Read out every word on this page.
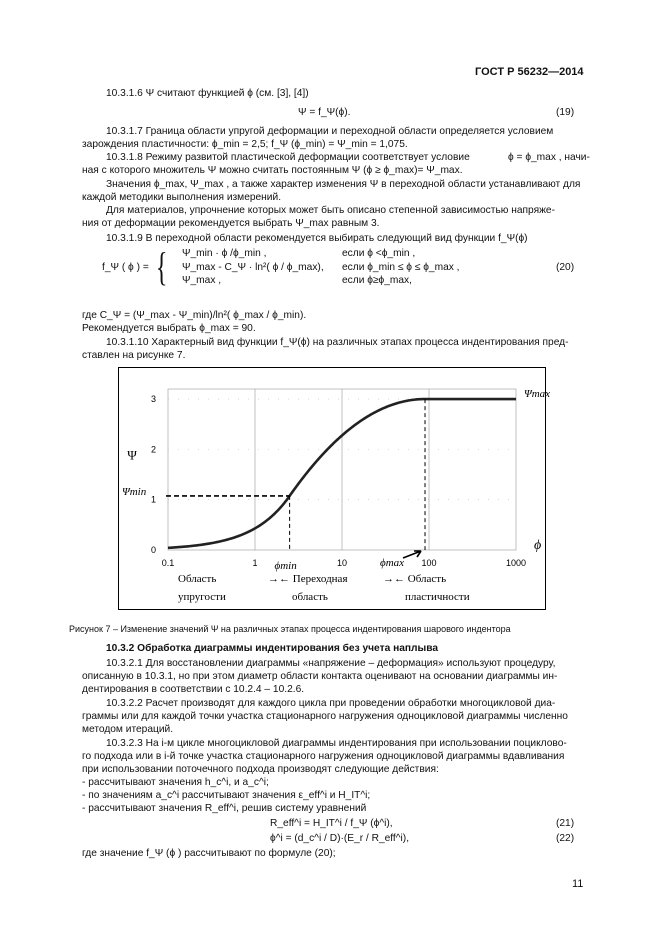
ГОСТ Р 56232—2014
10.3.1.6 Ψ считают функцией ϕ (см. [3], [4])
Ψ = f_Ψ(ϕ).	(19)
10.3.1.7 Граница области упругой деформации и переходной области определяется условием
зарождения пластичности: ϕ_min = 2,5; f_Ψ (ϕ_min) = Ψ_min = 1,075.
10.3.1.8 Режиму развитой пластической деформации соответствует условие	ϕ = ϕ_max , начи-
ная с которого множитель Ψ можно считать постоянным Ψ (ϕ ≥ ϕ_max)= Ψ_max.
Значения ϕ_max, Ψ_max , а также характер изменения Ψ в переходной области устанавливают для
каждой методики выполнения измерений.
Для материалов, упрочнение которых может быть описано степенной зависимостью напряже-
ния от деформации рекомендуется выбрать Ψ_max равным 3.
10.3.1.9 В переходной области рекомендуется выбирать следующий вид функции f_Ψ(ϕ)
f_Ψ ( ϕ ) = { Ψ_min · ϕ /ϕ_min ,	если ϕ <ϕ_min ,
Ψ_max - C_Ψ · ln²( ϕ / ϕ_max), если ϕ_min ≤ ϕ ≤ ϕ_max ,
Ψ_max ,	если ϕ≥ϕ_max,
(20)
где C_Ψ = (Ψ_max - Ψ_min)/ln²( ϕ_max / ϕ_min).
Рекомендуется выбрать ϕ_max = 90.
10.3.1.10 Характерный вид функции f_Ψ(ϕ) на различных этапах процесса индентирования пред-
ставлен на рисунке 7.
0
1
2
3
0.1	1	10	100	1000
Ψ
ϕ
Ψmax
Ψmin
ϕmin	ϕmax
Область
упругости
→← Переходная
область
→← Область
пластичности
Рисунок 7 – Изменение значений Ψ на различных этапах процесса индентирования шарового индентора
10.3.2 Обработка диаграммы индентирования без учета наплыва
10.3.2.1 Для восстановлении диаграммы «напряжение – деформация» используют процедуру,
описанную в 10.3.1, но при этом диаметр области контакта оценивают на основании диаграммы ин-
дентирования в соответствии с 10.2.4 – 10.2.6.
10.3.2.2 Расчет производят для каждого цикла при проведении обработки многоцикловой диа-
граммы или для каждой точки участка стационарного нагружения одноцикловой диаграммы численно
методом итераций.
10.3.2.3 На i-м цикле многоцикловой диаграммы индентирования при использовании поциклово-
го подхода или в i-й точке участка стационарного нагружения одноцикловой диаграммы вдавливания
при использовании поточечного подхода производят следующие действия:
- рассчитывают значения h_c^i, и a_c^i;
- по значениям a_c^i рассчитывают значения ε_eff^i и H_IT^i;
- рассчитывают значения R_eff^i, решив систему уравнений
R_eff^i = H_IT^i / f_Ψ (ϕ^i),	(21)
ϕ^i = (d_c^i / D)·(E_r / R_eff^i),	(22)
где значение f_Ψ (ϕ ) рассчитывают по формуле (20);
11
